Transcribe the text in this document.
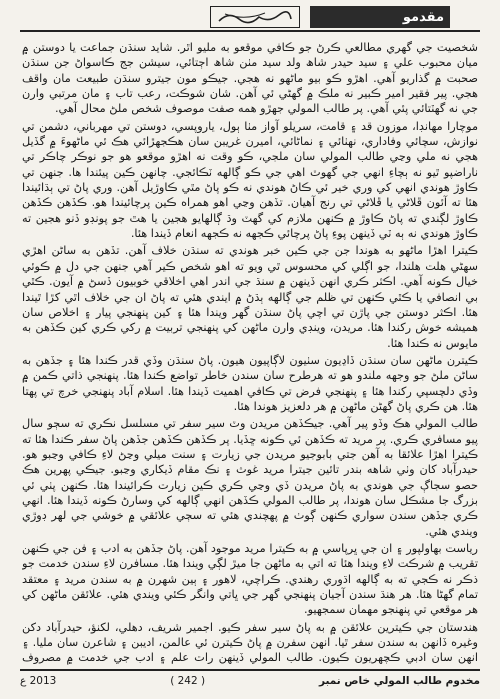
مقدمو

شخصيت جي گهري مطالعي ڪرڻ جو ڪافي موقعو به مليو اٿر. شايد سنڌن جماعت يا دوستن ۾ ميان محبوب علي ۽ سيد حيدر شاھ ولد سيد مٺن شاھ اڄتائي، سيشن جج ڪاسواڻ جن سنڌن صحبت ۾ گذاريو آهي. اهڙو ڪو بيو ماڻهو نه هجي. جيڪو مون جيترو سنڌن طبيعت مان واقف هجي. پير فقير امير ڪبير نه ملڪ ۾ گهڻي ئي آهن. شان شوڪت، رعب تاب ۽ مان مرتبي وارن جي نه گهٽتائي پئي آهي. پر طالب المولي جهڙو همه صفت موصوف شخص ملڻ محال آهي.

موچارا مهانڊا، موزون قد ۽ قامت، سريلو آواز مٺا ٻول، ياروپسي، دوستن تي مهرباني، دشمن تي نوازش، سچائي وفاداري، نهٺائي ۽ نماڻائي، اميرن غريبن سان هڪجهڙائي هڪ ئي ماڻهوءَ ۾ گڏيل هجي نه ملي وڃي طالب المولي سان ملجي، ڪو وقت نه اهڙو موقعو هو جو نوڪر چاڪر تي ناراضپو ٿيو نه ٻچاءِ انهي جي گهوٽ اهي جي ڪو ڳالهه ٽڪائجي. چانهن ڪين پيئندا ها. جنهن تي ڪاوڙ هوندي انهي کي وري خير ئي ڪاڻ هوندي نه ڪو پاڻ مٿي ڪاوڙيل آهن. وري پاڻ تي ٻڌائيندا هئا ته آئون ڦلاڻي يا ڦلاڻي تي رنج آهيان. تڏهن وڃي اهو همراه ڪين پرچائيندا هو. ڪڏهن ڪڏهن ڪاوڙ لڳندي ته پاڻ ڪاوڙ ۾ ڪنهن ملازم کي گهٽ وڌ ڳالهايو هجين يا هٿ جو پونڊو ڏنو هجين ته ڪاوڙ هوندي نه ٻه ٽي ڏينهن پوءِ پاڻ پرچائي ڪجهه نه ڪجهه انعام ڏيندا هئا.

ڪيترا اهڙا ماڻهو به هوندا جن جي ڪين خبر هوندي ته سنڌن خلاف آهن. تڏهن به ساڻن اهڙي سهڻي هلت هلندا، جو اڳلي کي محسوس ٿي ويو ته اهو شخص ڪير آهي جنهن جي دل ۾ ڪوئي خيال ڪونه آهي. اڪثر ڪري انهن ڏينهن ۾ سنڌ جي اندر اهي اخلاقي خوبيون ڏسڻ ۾ آيون. ڪٿي بي انصافي يا ڪٿي ڪنهن تي ظلم جي ڳالهه ٻڌڻ ۾ ايندي هئي ته پاڻ ان جي خلاف اٿي کڙا ٿيندا هئا. اڪثر دوستن جي پاڙن تي اچي پاڻ سنڌن گهر ويندا هئا ۽ کين پنهنجي پيار ۽ اخلاص سان هميشه خوش رکندا هئا. مريدن، وينڊي وارن ماڻهن کي پنهنجي تربيت ۾ رکي ڪري کين ڪڏهن به مايوس نه ڪندا هئا.

ڪيترن ماڻهن سان سنڌن ڏاڍيون سٺيون لاڳاپيون هيون. پاڻ سنڌن وڏي قدر ڪندا هئا ۽ جڏهن به ساڻن ملڻ جو وجهه ملندو هو ته هرطرح سان سندن خاطر تواضع ڪندا هئا. پنهنجي ذاتي ڪمن ۾ وڏي دلچسپي رکندا هئا ۽ پنهنجي فرض تي ڪافي اهميت ڏيندا هئا. اسلام آباد پنهنجي خرچ تي پهتا هئا. هن ڪري پاڻ گهڻن ماڻهن ۾ هر دلعزيز هوندا هئا.

طالب المولي هڪ وڏو پير آهي. جيڪڏهن مريدن وٽ سير سفر تي مسلسل نڪري ته سڄو سال پيو مسافري ڪري. پر مريد ته ڪڏهن ئي ڪونه ڇڏيا. پر ڪڏهن ڪڏهن جڏهن پاڻ سفر ڪندا هئا ته ڪيترا اهڙا علائقا به آهن جتي بابوجيو مريدن جي زيارت ۽ سنت ميلي وڃڻ لاءِ ڪافي وڃبو هو. حيدرآباد کان وٺي شاهه بندر تائين جيترا مريد غوث ۽ نڪ مقام ڏيکاري وڃبو. جيڪي پهرين هڪ حصو سجاڳ جي هوندي به پاڻ مريدن ڏي وڃي ڪري ڪين زيارت ڪرائيندا هئا. ڪنهن پٺي ئي بزرگ جا مشڪل سان هوندا، پر طالب المولي ڪڏهن انهي ڳالهه کي وسارڻ ڪونه ڏيندا هئا. انهي ڪري جڏهن سندن سواري ڪنهن ڳوٺ ۾ پهچندي هئي ته سڄي علائقي ۾ خوشي جي لهر ڊوڙي ويندي هئي.

رياست بهاولپور ۽ ان جي ڀرپاسي ۾ به ڪيترا مريد موجود آهن. پاڻ جڏهن به ادب ۽ فن جي ڪنهن تقريب ۾ شرڪت لاءِ ويندا هئا ته اتي به ماڻهن جا ميڙ لڳي ويندا هئا. مسافرن لاءِ سندن خدمت جو ذڪر نه ڪجي ته به ڳالهه اڌوري رهندي. ڪراچي، لاهور ۽ ٻين شهرن ۾ به سندن مريد ۽ معتقد تمام گهڻا هئا. هر هنڌ سندن آجيان پنهنجي گهر جي ڀاتي وانگر ڪئي ويندي هئي. علائقن ماڻهن کي هر موقعي تي پنهنجو مهمان سمجهيو.

هندستان جي ڪيترين علائقن ۾ به پاڻ سير سفر ڪيو. اجمير شريف، دهلي، لکنؤ، حيدرآباد دکن وغيره ڏانهن به سندن سفر ٿيا. انهن سفرن ۾ پاڻ ڪيترن ئي عالمن، اديبن ۽ شاعرن سان مليا. ۽ انهن سان ادبي ڪچهريون ڪيون. طالب المولي ڏينهن رات علم ۽ ادب جي خدمت ۾ مصروف

2013 ع	( 242 )	مخدوم طالب المولي خاص نمبر
